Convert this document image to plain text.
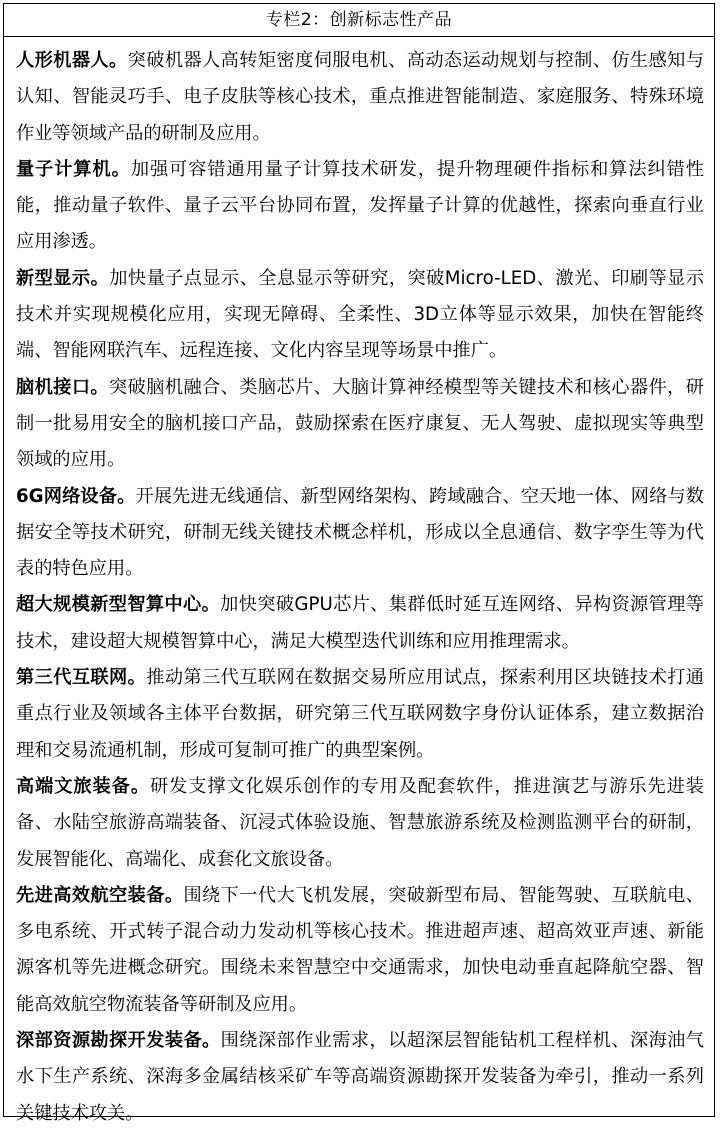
专栏2：创新标志性产品

人形机器人。突破机器人高转矩密度伺服电机、高动态运动规划与控制、仿生感知与认知、智能灵巧手、电子皮肤等核心技术，重点推进智能制造、家庭服务、特殊环境作业等领域产品的研制及应用。

量子计算机。加强可容错通用量子计算技术研发，提升物理硬件指标和算法纠错性能，推动量子软件、量子云平台协同布置，发挥量子计算的优越性，探索向垂直行业应用渗透。

新型显示。加快量子点显示、全息显示等研究，突破Micro-LED、激光、印刷等显示技术并实现规模化应用，实现无障碍、全柔性、3D立体等显示效果，加快在智能终端、智能网联汽车、远程连接、文化内容呈现等场景中推广。

脑机接口。突破脑机融合、类脑芯片、大脑计算神经模型等关键技术和核心器件，研制一批易用安全的脑机接口产品，鼓励探索在医疗康复、无人驾驶、虚拟现实等典型领域的应用。

6G网络设备。开展先进无线通信、新型网络架构、跨域融合、空天地一体、网络与数据安全等技术研究，研制无线关键技术概念样机，形成以全息通信、数字孪生等为代表的特色应用。

超大规模新型智算中心。加快突破GPU芯片、集群低时延互连网络、异构资源管理等技术，建设超大规模智算中心，满足大模型迭代训练和应用推理需求。

第三代互联网。推动第三代互联网在数据交易所应用试点，探索利用区块链技术打通重点行业及领域各主体平台数据，研究第三代互联网数字身份认证体系，建立数据治理和交易流通机制，形成可复制可推广的典型案例。

高端文旅装备。研发支撑文化娱乐创作的专用及配套软件，推进演艺与游乐先进装备、水陆空旅游高端装备、沉浸式体验设施、智慧旅游系统及检测监测平台的研制，发展智能化、高端化、成套化文旅设备。

先进高效航空装备。围绕下一代大飞机发展，突破新型布局、智能驾驶、互联航电、多电系统、开式转子混合动力发动机等核心技术。推进超声速、超高效亚声速、新能源客机等先进概念研究。围绕未来智慧空中交通需求，加快电动垂直起降航空器、智能高效航空物流装备等研制及应用。

深部资源勘探开发装备。围绕深部作业需求，以超深层智能钻机工程样机、深海油气水下生产系统、深海多金属结核采矿车等高端资源勘探开发装备为牵引，推动一系列关键技术攻关。
